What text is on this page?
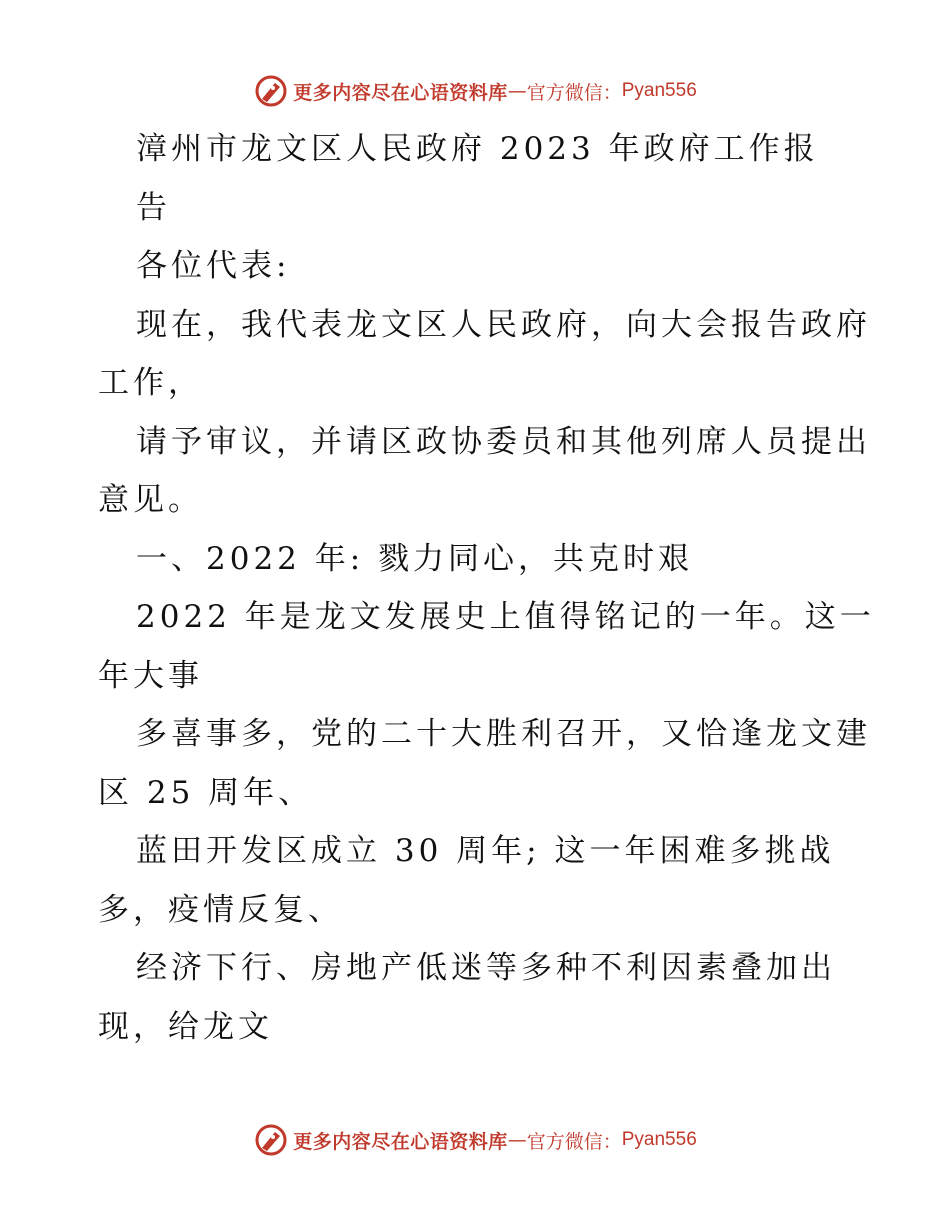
更多内容尽在心语资料库 — 官方微信： Pyan556
漳州市龙文区人民政府 2023 年政府工作报
告
各位代表:
现在，我代表龙文区人民政府，向大会报告政府
工作，
请予审议，并请区政协委员和其他列席人员提出
意见。
一、2022 年: 戮力同心，共克时艰
2022 年是龙文发展史上值得铭记的一年。这一
年大事
多喜事多，党的二十大胜利召开，又恰逢龙文建
区 25 周年、
蓝田开发区成立 30 周年; 这一年困难多挑战
多，疫情反复、
经济下行、房地产低迷等多种不利因素叠加出
现，给龙文
更多内容尽在心语资料库 — 官方微信： Pyan556
